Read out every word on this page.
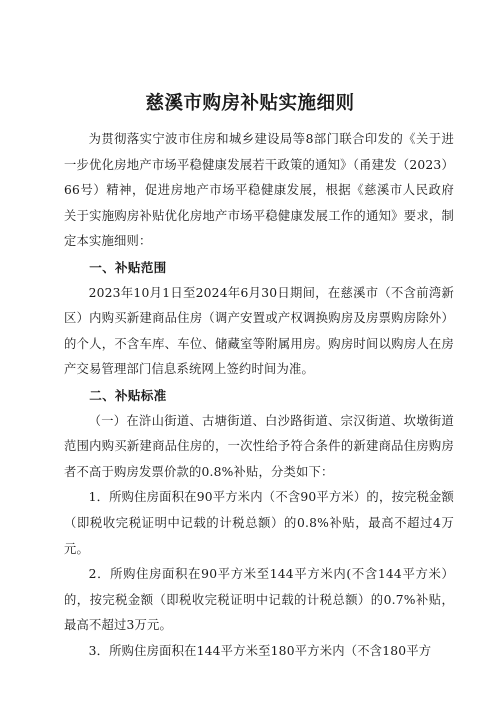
慈溪市购房补贴实施细则

为贯彻落实宁波市住房和城乡建设局等8部门联合印发的《关于进一步优化房地产市场平稳健康发展若干政策的通知》（甬建发（2023）66号）精神，促进房地产市场平稳健康发展，根据《慈溪市人民政府关于实施购房补贴优化房地产市场平稳健康发展工作的通知》要求，制定本实施细则：

一、补贴范围

2023年10月1日至2024年6月30日期间，在慈溪市（不含前湾新区）内购买新建商品住房（调产安置或产权调换购房及房票购房除外）的个人，不含车库、车位、储藏室等附属用房。购房时间以购房人在房产交易管理部门信息系统网上签约时间为准。

二、补贴标准

（一）在浒山街道、古塘街道、白沙路街道、宗汉街道、坎墩街道范围内购买新建商品住房的，一次性给予符合条件的新建商品住房购房者不高于购房发票价款的0.8%补贴，分类如下：

1．所购住房面积在90平方米内（不含90平方米）的，按完税金额（即税收完税证明中记载的计税总额）的0.8%补贴，最高不超过4万元。

2．所购住房面积在90平方米至144平方米内(不含144平方米）的，按完税金额（即税收完税证明中记载的计税总额）的0.7%补贴，最高不超过3万元。

3．所购住房面积在144平方米至180平方米内（不含180平方
